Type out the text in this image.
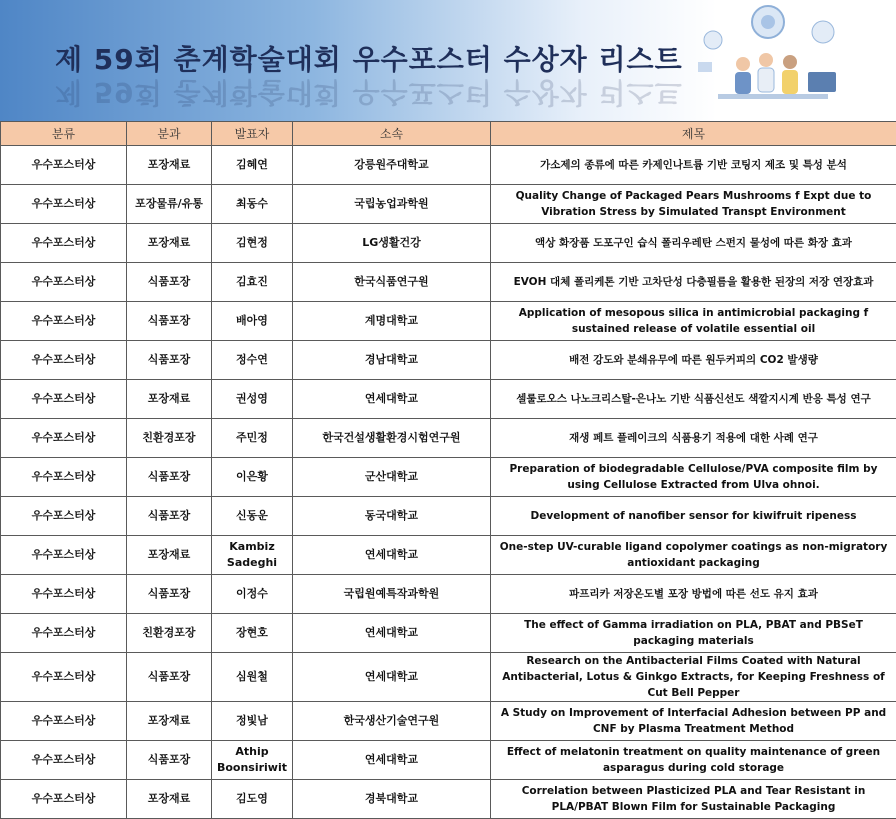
제 59회 춘계학술대회 우수포스터 수상자 리스트
제 59회 춘계학술대회 우수포스터 수상자 리스트
분류	분과	발표자	소속	제목
우수포스터상	포장재료	김혜연	강릉원주대학교	가소제의 종류에 따른 카제인나트륨 기반 코팅지 제조 및 특성 분석
우수포스터상	포장물류/유통	최동수	국립농업과학원	Quality Change of Packaged Pears Mushrooms f Expt due to Vibration Stress by Simulated Transpt Environment
우수포스터상	포장재료	김현정	LG생활건강	액상 화장품 도포구인 습식 폴리우레탄 스펀지 물성에 따른 화장 효과
우수포스터상	식품포장	김효진	한국식품연구원	EVOH 대체 폴리케톤 기반 고차단성 다층필름을 활용한 된장의 저장 연장효과
우수포스터상	식품포장	배아영	계명대학교	Application of mesopous silica in antimicrobial packaging f sustained release of volatile essential oil
우수포스터상	식품포장	정수연	경남대학교	배전 강도와 분쇄유무에 따른 원두커피의 CO2 발생량
우수포스터상	포장재료	권성영	연세대학교	셀룰로오스 나노크리스탈-은나노 기반 식품신선도 색깔지시계 반응 특성 연구
우수포스터상	친환경포장	주민정	한국건설생활환경시험연구원	재생 페트 플레이크의 식품용기 적용에 대한 사례 연구
우수포스터상	식품포장	이은황	군산대학교	Preparation of biodegradable Cellulose/PVA composite film by using Cellulose Extracted from Ulva ohnoi.
우수포스터상	식품포장	신동운	동국대학교	Development of nanofiber sensor for kiwifruit ripeness
우수포스터상	포장재료	Kambiz Sadeghi	연세대학교	One-step UV-curable ligand copolymer coatings as non-migratory antioxidant packaging
우수포스터상	식품포장	이정수	국립원예특작과학원	파프리카 저장온도별 포장 방법에 따른 선도 유지 효과
우수포스터상	친환경포장	장현호	연세대학교	The effect of Gamma irradiation on PLA, PBAT and PBSeT packaging materials
우수포스터상	식품포장	심원철	연세대학교	Research on the Antibacterial Films Coated with Natural Antibacterial, Lotus & Ginkgo Extracts, for Keeping Freshness of Cut Bell Pepper
우수포스터상	포장재료	정빛남	한국생산기술연구원	A Study on Improvement of Interfacial Adhesion between PP and CNF by Plasma Treatment Method
우수포스터상	식품포장	Athip Boonsiriwit	연세대학교	Effect of melatonin treatment on quality maintenance of green asparagus during cold storage
우수포스터상	포장재료	김도영	경북대학교	Correlation between Plasticized PLA and Tear Resistant in PLA/PBAT Blown Film for Sustainable Packaging
